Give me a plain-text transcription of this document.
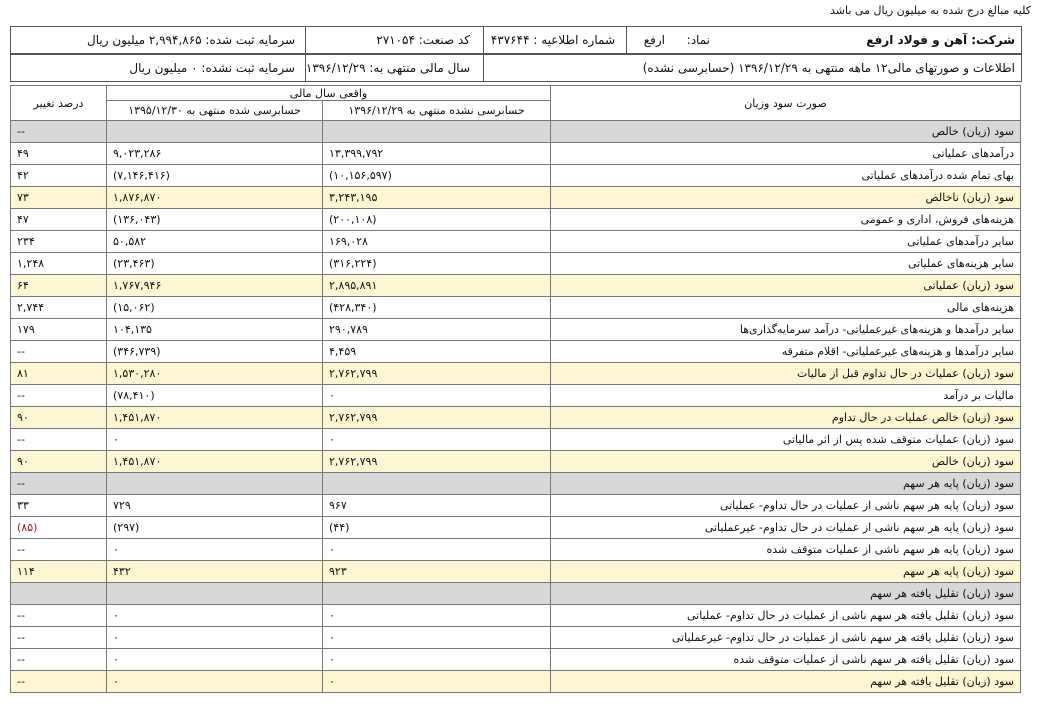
کلیه مبالغ درج شده به میلیون ریال می باشد
شرکت: آهن و فولاد ارفع
نماد:
ارفع
شماره اطلاعیه : ۴۳۷۶۴۴
کد صنعت: ۲۷۱۰۵۴
سرمایه ثبت شده: ۲,۹۹۴,۸۶۵ میلیون ریال
اطلاعات و صورتهای مالی۱۲ ماهه منتهی به ۱۳۹۶/۱۲/۲۹ (حسابرسی نشده)
سال مالی منتهی به: ۱۳۹۶/۱۲/۲۹
سرمایه ثبت نشده: ۰ میلیون ریال
صورت سود وزیان	واقعی سال مالی		درصد تغییر
	حسابرسی نشده منتهی به ۱۳۹۶/۱۲/۲۹	حسابرسی شده منتهی به ۱۳۹۵/۱۲/۳۰	
سود (زیان) خالص			--
درآمدهای عملیاتی	۱۳,۳۹۹,۷۹۲	۹,۰۲۳,۲۸۶	۴۹
بهای تمام شده درآمدهای عملیاتی	(۱۰,۱۵۶,۵۹۷)	(۷,۱۴۶,۴۱۶)	۴۲
سود (زیان) ناخالص	۳,۲۴۳,۱۹۵	۱,۸۷۶,۸۷۰	۷۳
هزینه‌های فروش، اداری و عمومی	(۲۰۰,۱۰۸)	(۱۳۶,۰۴۳)	۴۷
سایر درآمدهای عملیاتی	۱۶۹,۰۲۸	۵۰,۵۸۲	۲۳۴
سایر هزینه‌های عملیاتی	(۳۱۶,۲۲۴)	(۲۳,۴۶۳)	۱,۲۴۸
سود (زیان) عملیاتی	۲,۸۹۵,۸۹۱	۱,۷۶۷,۹۴۶	۶۴
هزینه‌های مالی	(۴۲۸,۳۴۰)	(۱۵,۰۶۲)	۲,۷۴۴
سایر درآمدها و هزینه‌های غیرعملیاتی- درآمد سرمایه‌گذاری‌ها	۲۹۰,۷۸۹	۱۰۴,۱۳۵	۱۷۹
سایر درآمدها و هزینه‌های غیرعملیاتی- اقلام متفرقه	۴,۴۵۹	(۳۴۶,۷۳۹)	--
سود (زیان) عملیات در حال تداوم قبل از مالیات	۲,۷۶۲,۷۹۹	۱,۵۳۰,۲۸۰	۸۱
مالیات بر درآمد	۰	(۷۸,۴۱۰)	--
سود (زیان) خالص عملیات در حال تداوم	۲,۷۶۲,۷۹۹	۱,۴۵۱,۸۷۰	۹۰
سود (زیان) عملیات متوقف شده پس از اثر مالیاتی	۰	۰	--
سود (زیان) خالص	۲,۷۶۲,۷۹۹	۱,۴۵۱,۸۷۰	۹۰
سود (زیان) پایه هر سهم			--
سود (زیان) پایه هر سهم ناشی از عملیات در حال تداوم- عملیاتی	۹۶۷	۷۲۹	۳۳
سود (زیان) پایه هر سهم ناشی از عملیات در حال تداوم- غیرعملیاتی	(۴۴)	(۲۹۷)	(۸۵)
سود (زیان) پایه هر سهم ناشی از عملیات متوقف شده	۰	۰	--
سود (زیان) پایه هر سهم	۹۲۳	۴۳۲	۱۱۴
سود (زیان) تقلیل یافته هر سهم			
سود (زیان) تقلیل یافته هر سهم ناشی از عملیات در حال تداوم- عملیاتی	۰	۰	--
سود (زیان) تقلیل یافته هر سهم ناشی از عملیات در حال تداوم- غیرعملیاتی	۰	۰	--
سود (زیان) تقلیل یافته هر سهم ناشی از عملیات متوقف شده	۰	۰	--
سود (زیان) تقلیل یافته هر سهم	۰	۰	--
